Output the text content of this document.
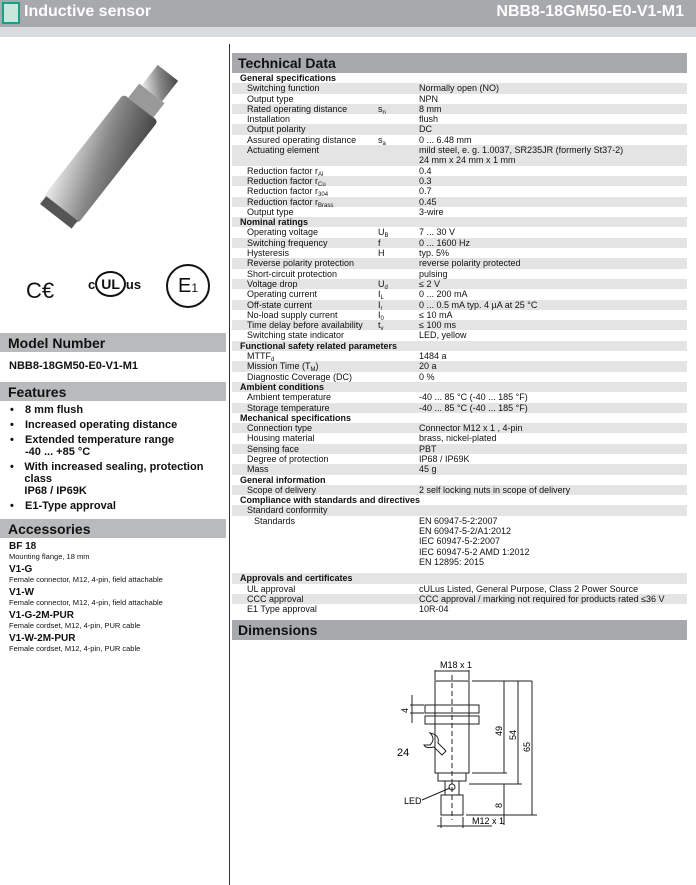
Inductive sensor	NBB8-18GM50-E0-V1-M1
C€	c UL us	E1
Model Number
NBB8-18GM50-E0-V1-M1
Features
•	8 mm flush
•	Increased operating distance
•	Extended temperature range
-40 ... +85 °C
• With increased sealing, protection class
IP68 / IP69K
•	E1-Type approval
Accessories
BF 18
Mounting flange, 18 mm
V1-G
Female connector, M12, 4-pin, field attachable
V1-W
Female connector, M12, 4-pin, field attachable
V1-G-2M-PUR
Female cordset, M12, 4-pin, PUR cable
V1-W-2M-PUR
Female cordset, M12, 4-pin, PUR cable
Technical Data
General specifications
Switching function	Normally open (NO)
Output type	NPN
Rated operating distance	$s_n$	8 mm
Installation	flush
Output polarity	DC
Assured operating distance	$s_a$	0 ... 6.48 mm
Actuating element	mild steel, e. g. 1.0037, SR235JR (formerly St37-2)
24 mm x 24 mm x 1 mm
Reduction factor $r_{Al}$	0.4
Reduction factor $r_{Cu}$	0.3
Reduction factor $r_{304}$	0.7
Reduction factor $r_{Brass}$	0.45
Output type	3-wire
Nominal ratings
Operating voltage	$U_B$	7 ... 30 V
Switching frequency	f	0 ... 1600 Hz
Hysteresis	H	typ. 5%
Reverse polarity protection	reverse polarity protected
Short-circuit protection	pulsing
Voltage drop	$U_d$	≤ 2 V
Operating current	$I_L$	0 ... 200 mA
Off-state current	$I_r$	0 ... 0.5 mA typ. 4 µA at 25 °C
No-load supply current	$I_0$	≤ 10 mA
Time delay before availability	$t_v$	≤ 100 ms
Switching state indicator	LED, yellow
Functional safety related parameters
$MTTF_d$	1484 a
Mission Time $(T_M)$	20 a
Diagnostic Coverage (DC)	0 %
Ambient conditions
Ambient temperature	-40 ... 85 °C (-40 ... 185 °F)
Storage temperature	-40 ... 85 °C (-40 ... 185 °F)
Mechanical specifications
Connection type	Connector M12 x 1 , 4-pin
Housing material	brass, nickel-plated
Sensing face	PBT
Degree of protection	IP68 / IP69K
Mass	45 g
General information
Scope of delivery	2 self locking nuts in scope of delivery
Compliance with standards and directives
Standard conformity
Standards	EN 60947-5-2:2007
EN 60947-5-2/A1:2012
IEC 60947-5-2:2007
IEC 60947-5-2 AMD 1:2012
EN 12895: 2015
Approvals and certificates
UL approval	cULus Listed, General Purpose, Class 2 Power Source
CCC approval	CCC approval / marking not required for products rated ≤36 V
E1 Type approval	10R-04
Dimensions
M18 x 1
4
24
49 54
65
LED	8
M12 x 1
